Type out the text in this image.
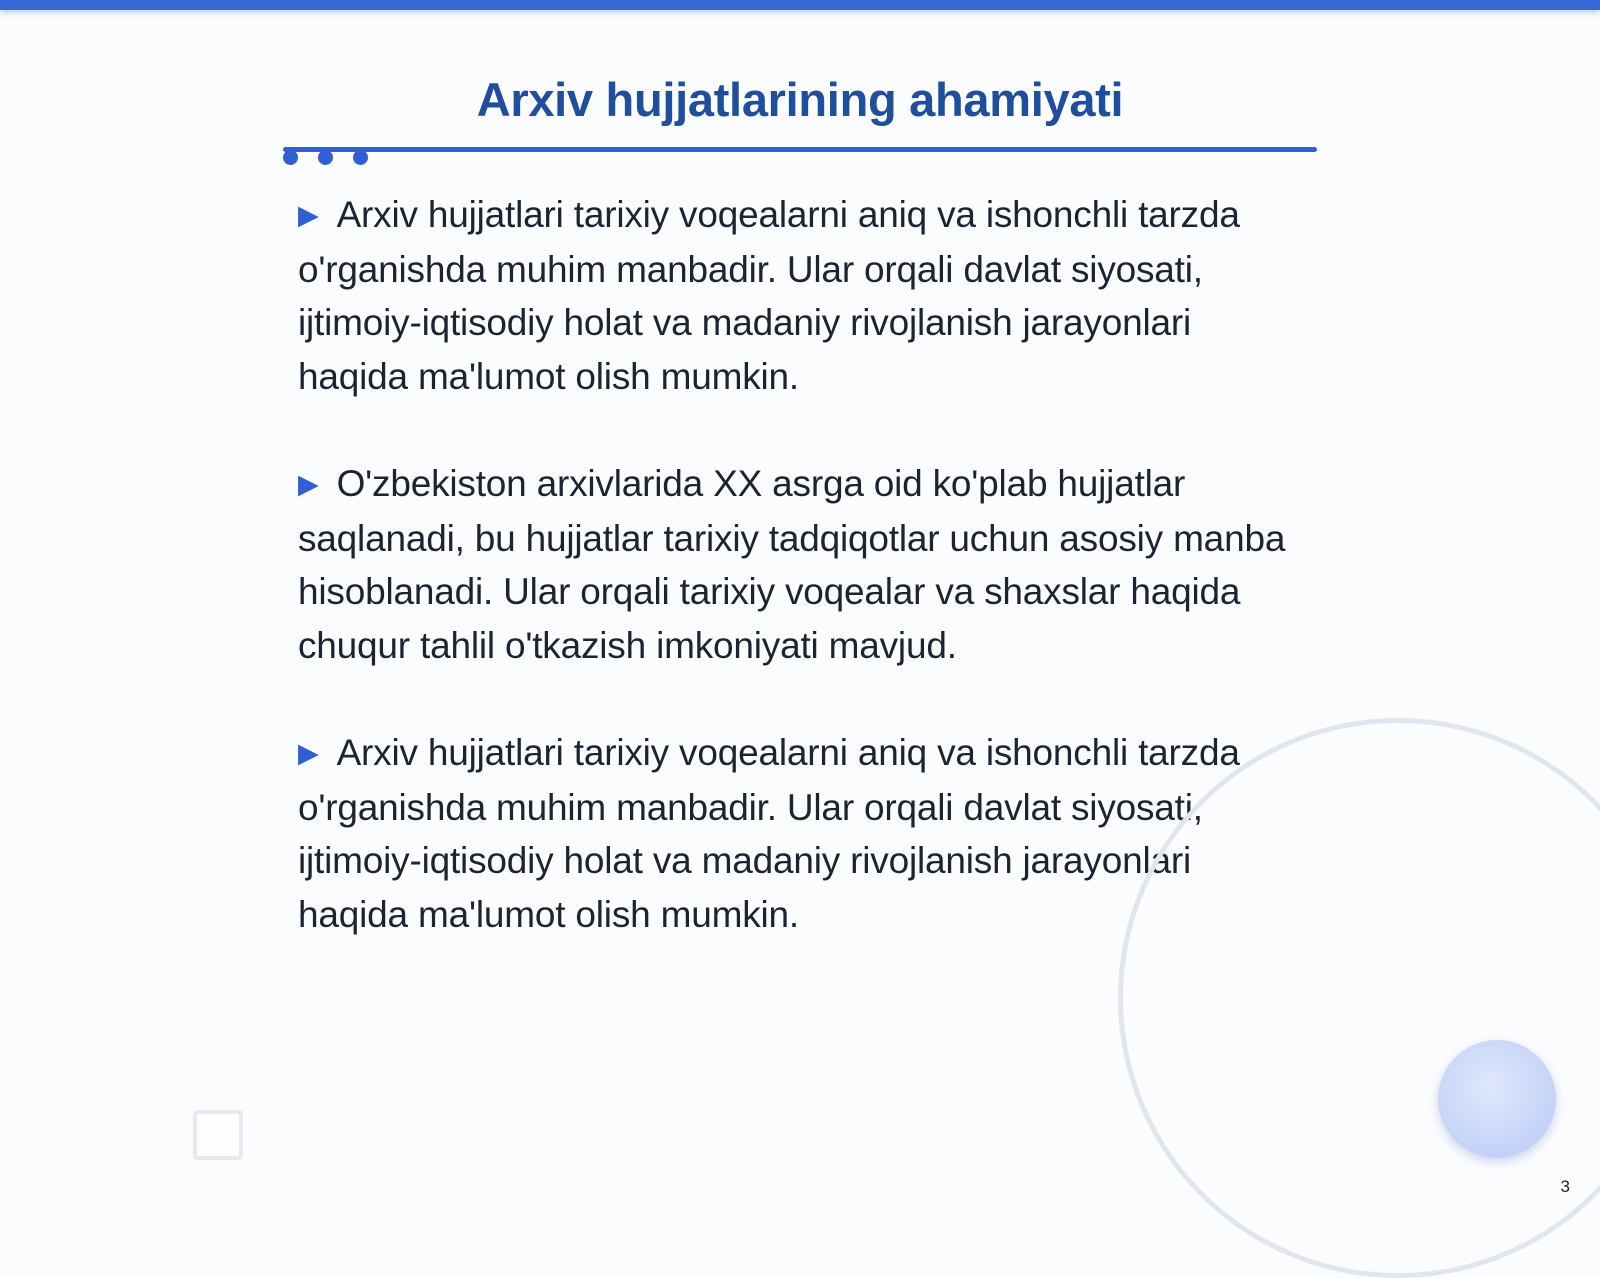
Arxiv hujjatlarining ahamiyati

▶ Arxiv hujjatlari tarixiy voqealarni aniq va ishonchli tarzda o'rganishda muhim manbadir. Ular orqali davlat siyosati, ijtimoiy-iqtisodiy holat va madaniy rivojlanish jarayonlari haqida ma'lumot olish mumkin.

▶ O'zbekiston arxivlarida XX asrga oid ko'plab hujjatlar saqlanadi, bu hujjatlar tarixiy tadqiqotlar uchun asosiy manba hisoblanadi. Ular orqali tarixiy voqealar va shaxslar haqida chuqur tahlil o'tkazish imkoniyati mavjud.

▶ Arxiv hujjatlari tarixiy voqealarni aniq va ishonchli tarzda o'rganishda muhim manbadir. Ular orqali davlat siyosati, ijtimoiy-iqtisodiy holat va madaniy rivojlanish jarayonlari haqida ma'lumot olish mumkin.

3
